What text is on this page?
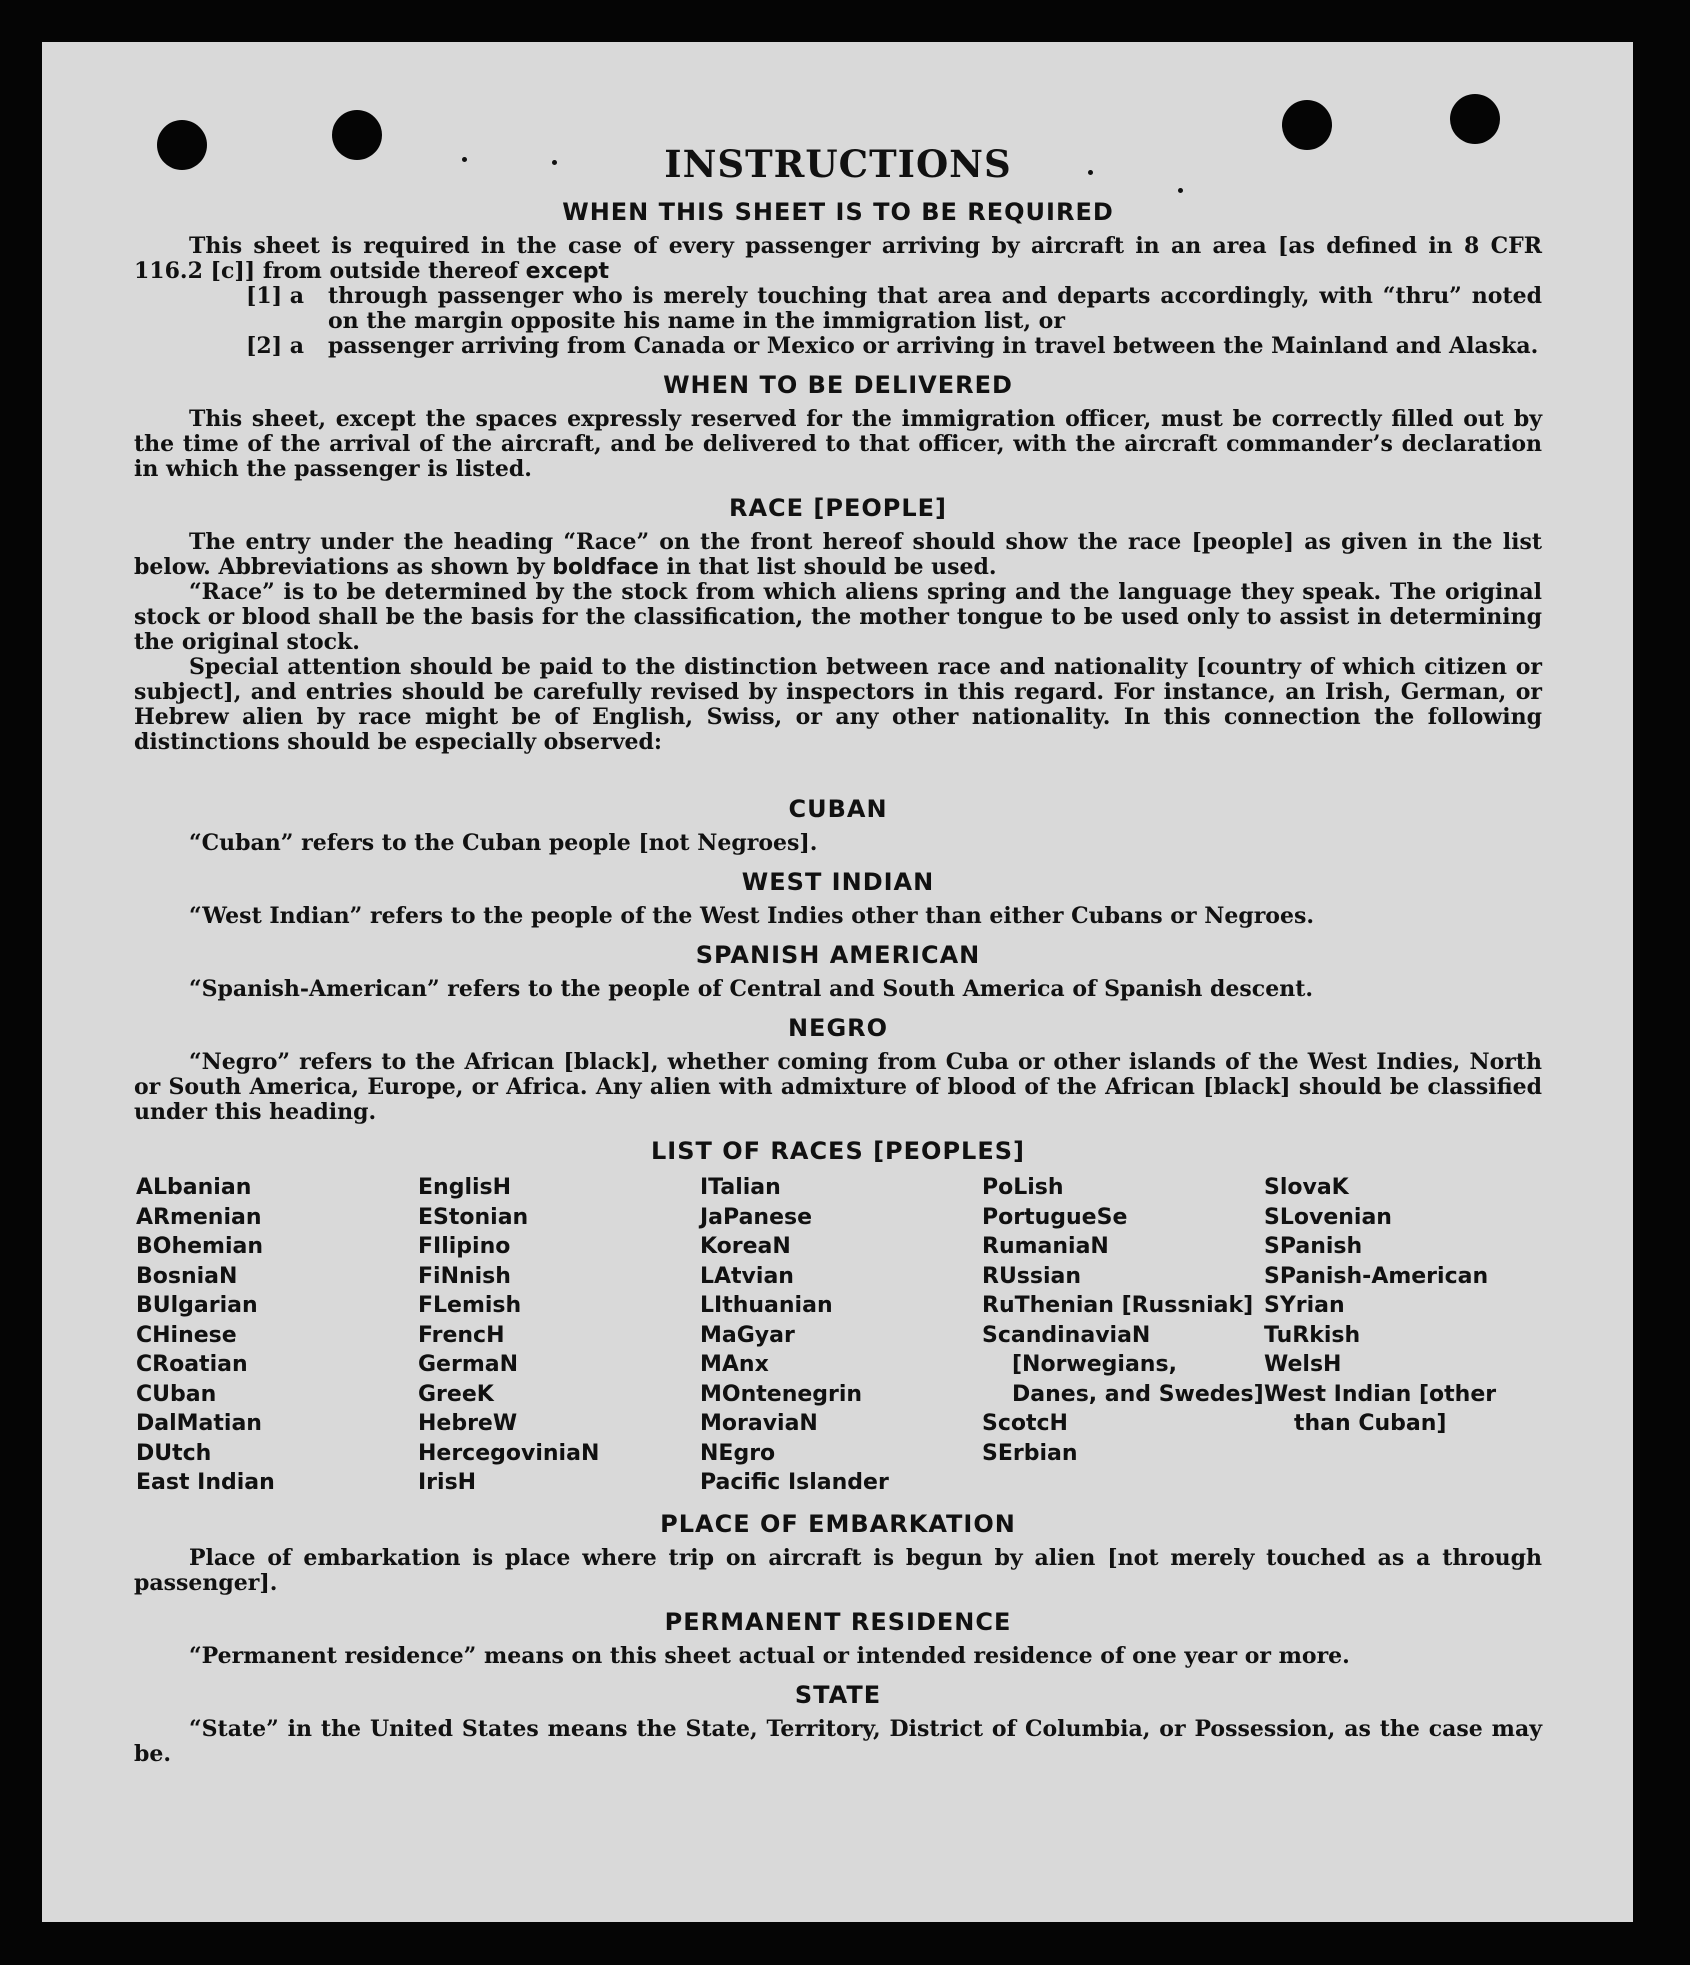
INSTRUCTIONS
WHEN THIS SHEET IS TO BE REQUIRED

This sheet is required in the case of every passenger arriving by aircraft in an area [as defined in 8 CFR 116.2 [c]] from outside thereof except

[1] a through passenger who is merely touching that area and departs accordingly, with “thru” noted on the margin opposite his name in the immigration list, or
[2] a passenger arriving from Canada or Mexico or arriving in travel between the Mainland and Alaska.
WHEN TO BE DELIVERED

This sheet, except the spaces expressly reserved for the immigration officer, must be correctly filled out by the time of the arrival of the aircraft, and be delivered to that officer, with the aircraft commander’s declaration in which the passenger is listed.

RACE [PEOPLE]

The entry under the heading “Race” on the front hereof should show the race [people] as given in the list below. Abbreviations as shown by boldface in that list should be used.

“Race” is to be determined by the stock from which aliens spring and the language they speak. The original stock or blood shall be the basis for the classification, the mother tongue to be used only to assist in determining the original stock.

Special attention should be paid to the distinction between race and nationality [country of which citizen or subject], and entries should be carefully revised by inspectors in this regard. For instance, an Irish, German, or Hebrew alien by race might be of English, Swiss, or any other nationality. In this connection the following distinctions should be especially observed:

CUBAN

“Cuban” refers to the Cuban people [not Negroes].

WEST INDIAN

“West Indian” refers to the people of the West Indies other than either Cubans or Negroes.

SPANISH AMERICAN

“Spanish-American” refers to the people of Central and South America of Spanish descent.

NEGRO

“Negro” refers to the African [black], whether coming from Cuba or other islands of the West Indies, North or South America, Europe, or Africa. Any alien with admixture of blood of the African [black] should be classified under this heading.

LIST OF RACES [PEOPLES]
ALbanian
ARmenian
BOhemian
BosniaN
BUlgarian
CHinese
CRoatian
CUban
DalMatian
DUtch
East Indian
EnglisH
EStonian
FIlipino
FiNnish
FLemish
FrencH
GermaN
GreeK
HebreW
HercegoviniaN
IrisH
ITalian
JaPanese
KoreaN
LAtvian
LIthuanian
MaGyar
MAnx
MOntenegrin
MoraviaN
NEgro
Pacific Islander
PoLish
PortugueSe
RumaniaN
RUssian
RuThenian [Russniak]
ScandinaviaN [Norwegians, Danes, and Swedes]
ScotcH
SErbian
SlovaK
SLovenian
SPanish
SPanish-American
SYrian
TuRkish
WelsH
West Indian [other than Cuban]
PLACE OF EMBARKATION

Place of embarkation is place where trip on aircraft is begun by alien [not merely touched as a through passenger].

PERMANENT RESIDENCE

“Permanent residence” means on this sheet actual or intended residence of one year or more.

STATE

“State” in the United States means the State, Territory, District of Columbia, or Possession, as the case may be.
